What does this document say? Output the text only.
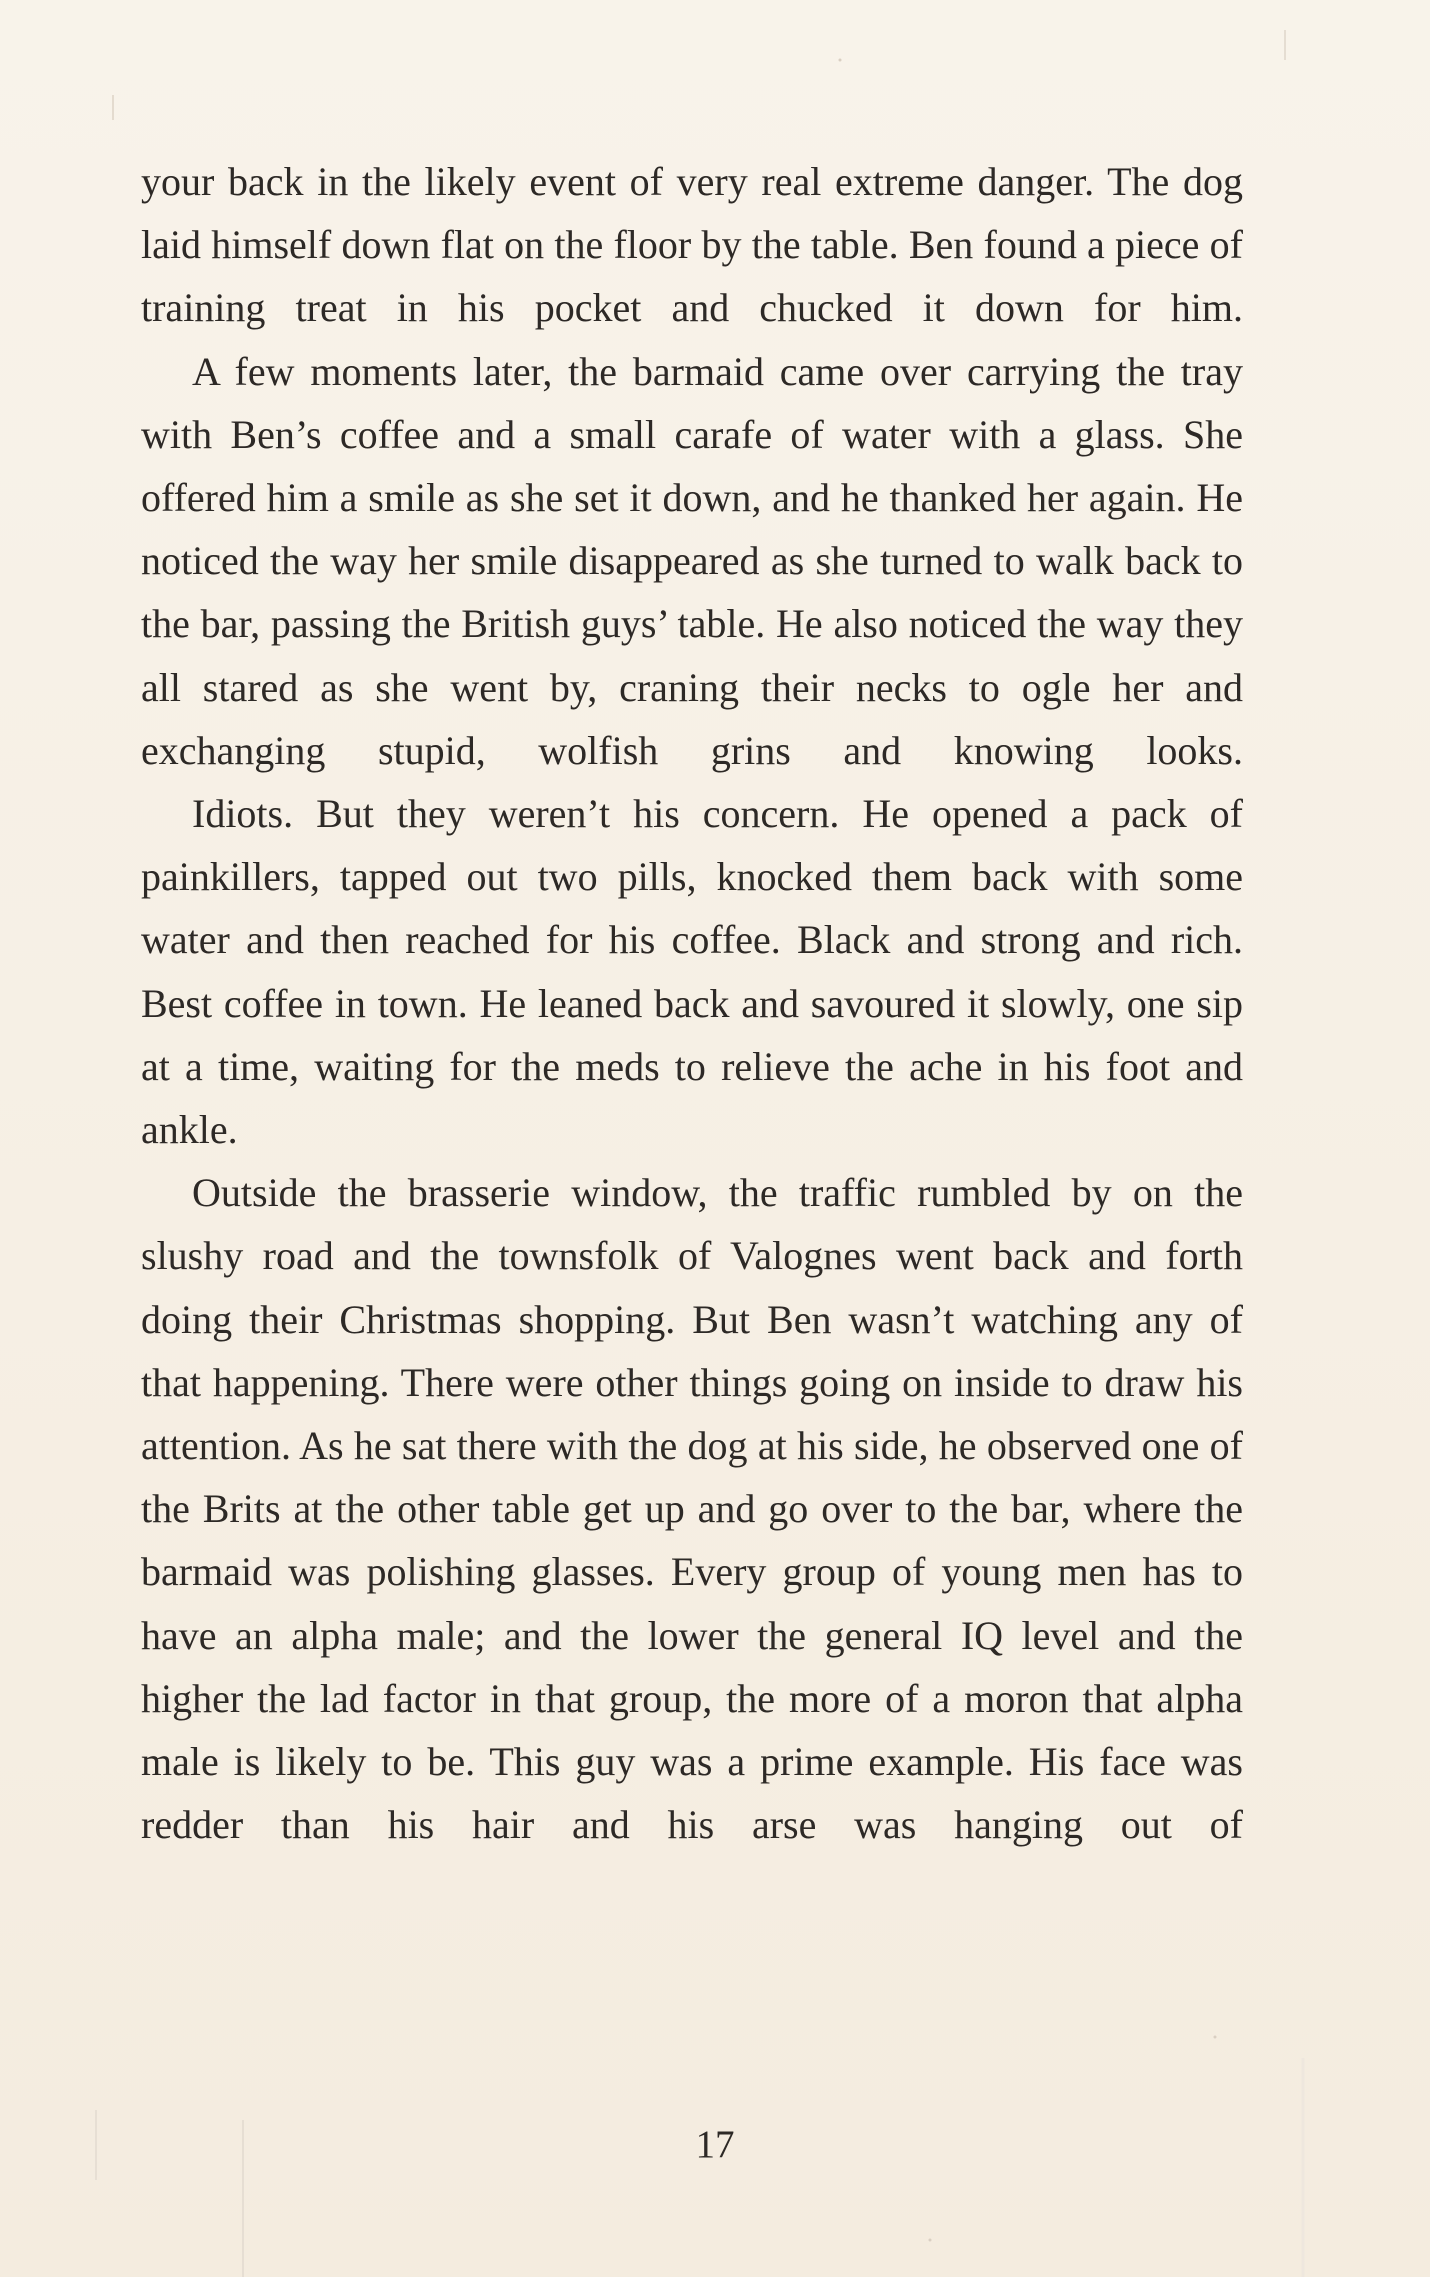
your back in the likely event of very real extreme danger. The dog laid himself down flat on the floor by the table. Ben found a piece of training treat in his pocket and chucked it down for him.

A few moments later, the barmaid came over carrying the tray with Ben’s coffee and a small carafe of water with a glass. She offered him a smile as she set it down, and he thanked her again. He noticed the way her smile disappeared as she turned to walk back to the bar, passing the British guys’ table. He also noticed the way they all stared as she went by, craning their necks to ogle her and exchanging stupid, wolfish grins and knowing looks.

Idiots. But they weren’t his concern. He opened a pack of painkillers, tapped out two pills, knocked them back with some water and then reached for his coffee. Black and strong and rich. Best coffee in town. He leaned back and savoured it slowly, one sip at a time, waiting for the meds to relieve the ache in his foot and ankle.

Outside the brasserie window, the traffic rumbled by on the slushy road and the townsfolk of Valognes went back and forth doing their Christmas shopping. But Ben wasn’t watching any of that happening. There were other things going on inside to draw his attention. As he sat there with the dog at his side, he observed one of the Brits at the other table get up and go over to the bar, where the barmaid was polishing glasses. Every group of young men has to have an alpha male; and the lower the general IQ level and the higher the lad factor in that group, the more of a moron that alpha male is likely to be. This guy was a prime example. His face was redder than his hair and his arse was hanging out of

17
